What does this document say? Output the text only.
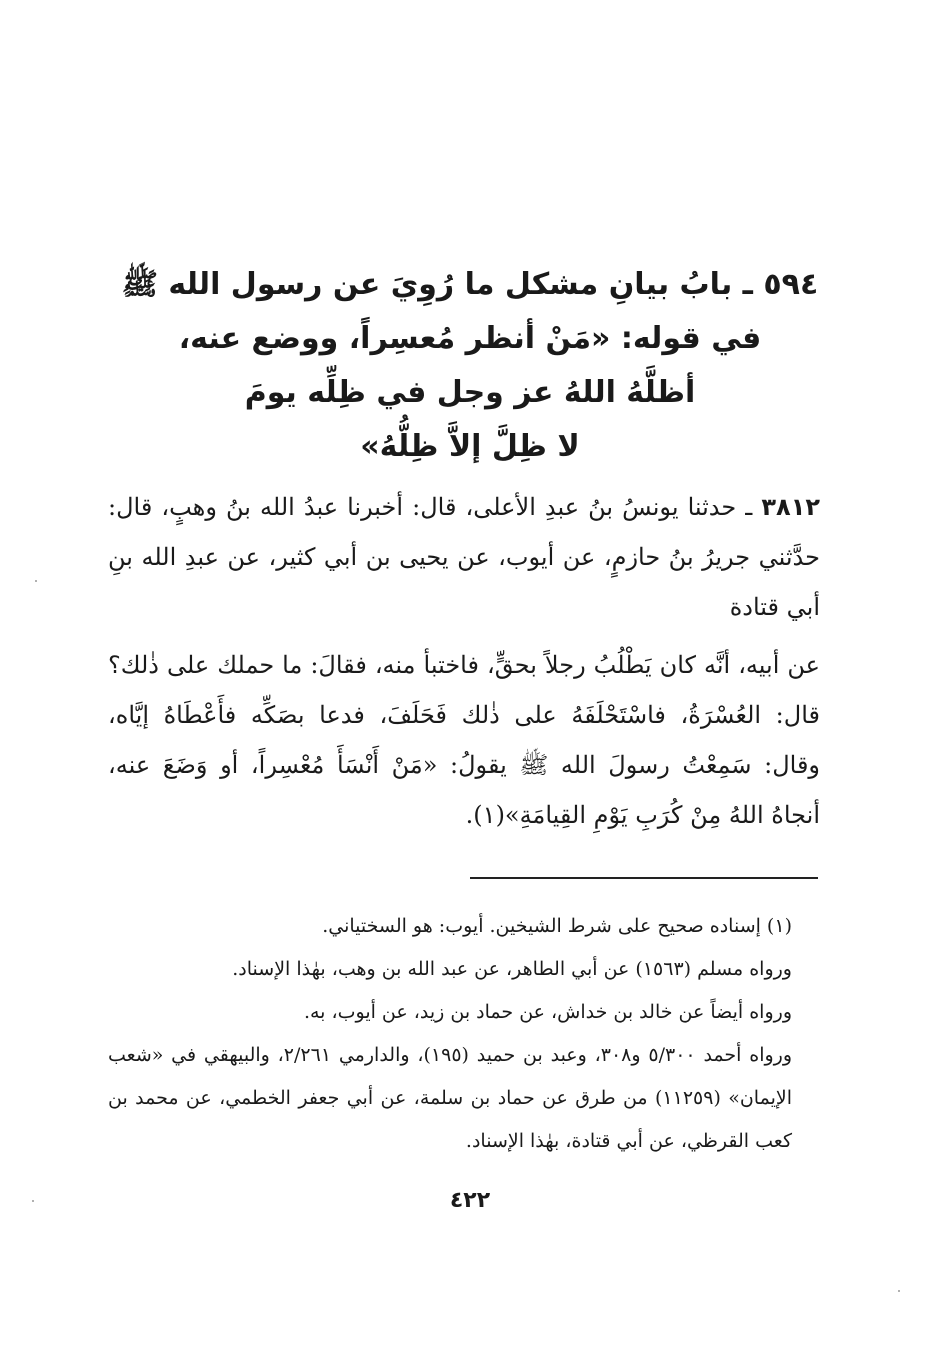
٥٩٤ ـ بابُ بيانِ مشكل ما رُوِيَ عن رسول الله ﷺ
في قوله: «مَنْ أنظر مُعسِراً، ووضع عنه،
أظلَّهُ اللهُ عز وجل في ظِلِّه يومَ
لا ظِلَّ إلاَّ ظِلُّهُ»
٣٨١٢ ـ حدثنا يونسُ بنُ عبدِ الأعلى، قال: أخبرنا عبدُ الله بنُ وهبٍ، قال: حدَّثني جريرُ بنُ حازمٍ، عن أيوب، عن يحيى بن أبي كثير، عن عبدِ الله بنِ أبي قتادة
عن أبيه، أنَّه كان يَطْلُبُ رجلاً بحقٍّ، فاختبأ منه، فقالَ: ما حملك على ذٰلك؟ قال: العُسْرَةُ، فاسْتَحْلَفَهُ على ذٰلك فَحَلَفَ، فدعا بصَكِّه فأَعْطَاهُ إيَّاه، وقال: سَمِعْتُ رسولَ الله ﷺ يقولُ: «مَنْ أَنْسَأَ مُعْسِراً، أو وَضَعَ عنه، أنجاهُ اللهُ مِنْ كُرَبِ يَوْمِ القِيامَةِ»(١).

(١) إسناده صحيح على شرط الشيخين. أيوب: هو السختياني.

ورواه مسلم (١٥٦٣) عن أبي الطاهر، عن عبد الله بن وهب، بهٰذا الإسناد.

ورواه أيضاً عن خالد بن خداش، عن حماد بن زيد، عن أيوب، به.

ورواه أحمد ٥/٣٠٠ و٣٠٨، وعبد بن حميد (١٩٥)، والدارمي ٢/٢٦١، والبيهقي في «شعب الإيمان» (١١٢٥٩) من طرق عن حماد بن سلمة، عن أبي جعفر الخطمي، عن محمد بن كعب القرظي، عن أبي قتادة، بهٰذا الإسناد.

٤٢٢
